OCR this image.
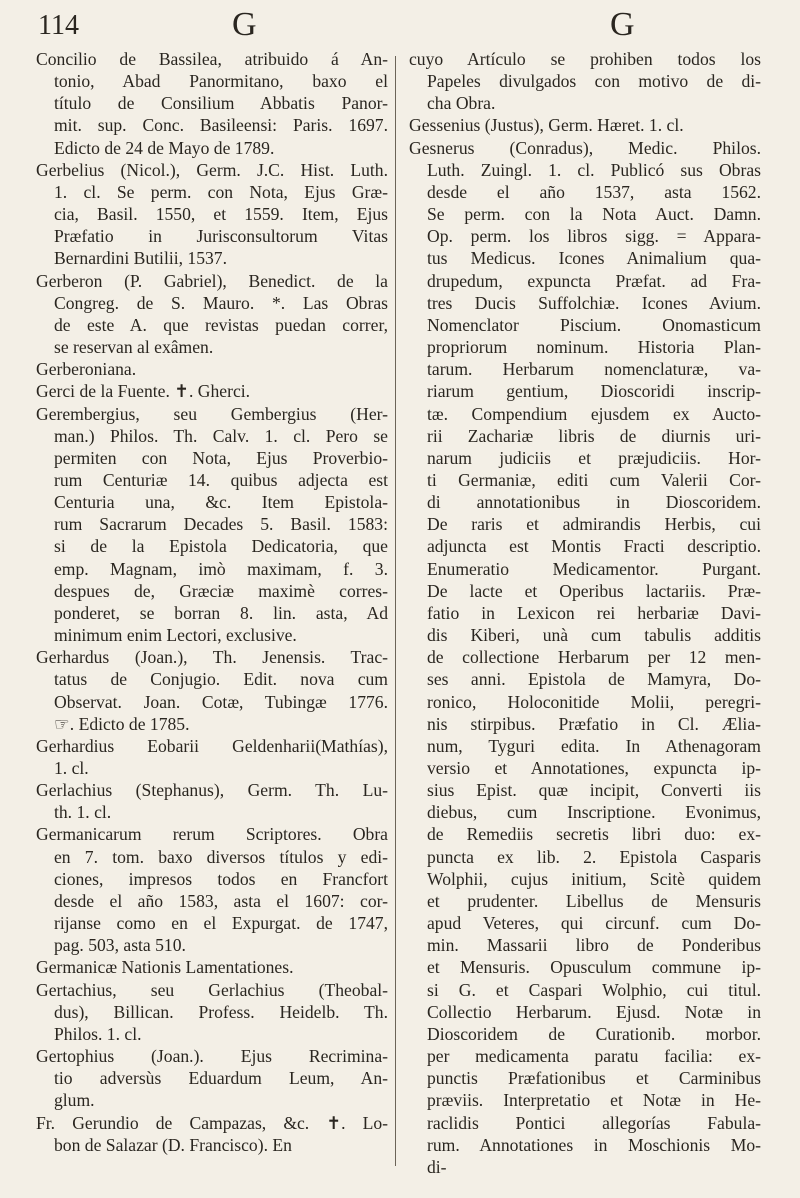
114	G	G
Concilio de Bassilea, atribuido á An-
tonio, Abad Panormitano, baxo el
título de Consilium Abbatis Panor-
mit. sup. Conc. Basileensi: Paris. 1697.
Edicto de 24 de Mayo de 1789.
Gerbelius (Nicol.), Germ. J.C. Hist. Luth.
1. cl. Se perm. con Nota, Ejus Græ-
cia, Basil. 1550, et 1559. Item, Ejus
Præfatio in Jurisconsultorum Vitas
Bernardini Butilii, 1537.
Gerberon (P. Gabriel), Benedict. de la
Congreg. de S. Mauro. *. Las Obras
de este A. que revistas puedan correr,
se reservan al exâmen.
Gerberoniana.
Gerci de la Fuente. ✝. Gherci.
Gerembergius, seu Gembergius (Her-
man.) Philos. Th. Calv. 1. cl. Pero se
permiten con Nota, Ejus Proverbio-
rum Centuriæ 14. quibus adjecta est
Centuria una, &c. Item Epistola-
rum Sacrarum Decades 5. Basil. 1583:
si de la Epistola Dedicatoria, que
emp. Magnam, imò maximam, f. 3.
despues de, Græciæ maximè corres-
ponderet, se borran 8. lin. asta, Ad
minimum enim Lectori, exclusive.
Gerhardus (Joan.), Th. Jenensis. Trac-
tatus de Conjugio. Edit. nova cum
Observat. Joan. Cotæ, Tubingæ 1776.
☞. Edicto de 1785.
Gerhardius Eobarii Geldenharii(Mathías),
1. cl.
Gerlachius (Stephanus), Germ. Th. Lu-
th. 1. cl.
Germanicarum rerum Scriptores. Obra
en 7. tom. baxo diversos títulos y edi-
ciones, impresos todos en Francfort
desde el año 1583, asta el 1607: cor-
rijanse como en el Expurgat. de 1747,
pag. 503, asta 510.
Germanicæ Nationis Lamentationes.
Gertachius, seu Gerlachius (Theobal-
dus), Billican. Profess. Heidelb. Th.
Philos. 1. cl.
Gertophius (Joan.). Ejus Recrimina-
tio adversùs Eduardum Leum, An-
glum.
Fr. Gerundio de Campazas, &c. ✝. Lo-
bon de Salazar (D. Francisco). En
cuyo Artículo se prohiben todos los
Papeles divulgados con motivo de di-
cha Obra.
Gessenius (Justus), Germ. Hæret. 1. cl.
Gesnerus (Conradus), Medic. Philos.
Luth. Zuingl. 1. cl. Publicó sus Obras
desde el año 1537, asta 1562.
Se perm. con la Nota Auct. Damn.
Op. perm. los libros sigg. = Appara-
tus Medicus. Icones Animalium qua-
drupedum, expuncta Præfat. ad Fra-
tres Ducis Suffolchiæ. Icones Avium.
Nomenclator Piscium. Onomasticum
propriorum nominum. Historia Plan-
tarum. Herbarum nomenclaturæ, va-
riarum gentium, Dioscoridi inscrip-
tæ. Compendium ejusdem ex Aucto-
rii Zachariæ libris de diurnis uri-
narum judiciis et præjudiciis. Hor-
ti Germaniæ, editi cum Valerii Cor-
di annotationibus in Dioscoridem.
De raris et admirandis Herbis, cui
adjuncta est Montis Fracti descriptio.
Enumeratio Medicamentor. Purgant.
De lacte et Operibus lactariis. Præ-
fatio in Lexicon rei herbariæ Davi-
dis Kiberi, unà cum tabulis additis
de collectione Herbarum per 12 men-
ses anni. Epistola de Mamyra, Do-
ronico, Holoconitide Molii, peregri-
nis stirpibus. Præfatio in Cl. Ælia-
num, Tyguri edita. In Athenagoram
versio et Annotationes, expuncta ip-
sius Epist. quæ incipit, Converti iis
diebus, cum Inscriptione. Evonimus,
de Remediis secretis libri duo: ex-
puncta ex lib. 2. Epistola Casparis
Wolphii, cujus initium, Scitè quidem
et prudenter. Libellus de Mensuris
apud Veteres, qui circunf. cum Do-
min. Massarii libro de Ponderibus
et Mensuris. Opusculum commune ip-
si G. et Caspari Wolphio, cui titul.
Collectio Herbarum. Ejusd. Notæ in
Dioscoridem de Curationib. morbor.
per medicamenta paratu facilia: ex-
punctis Præfationibus et Carminibus
præviis. Interpretatio et Notæ in He-
raclidis Pontici allegorías Fabula-
rum. Annotationes in Moschionis Mo-
di-
